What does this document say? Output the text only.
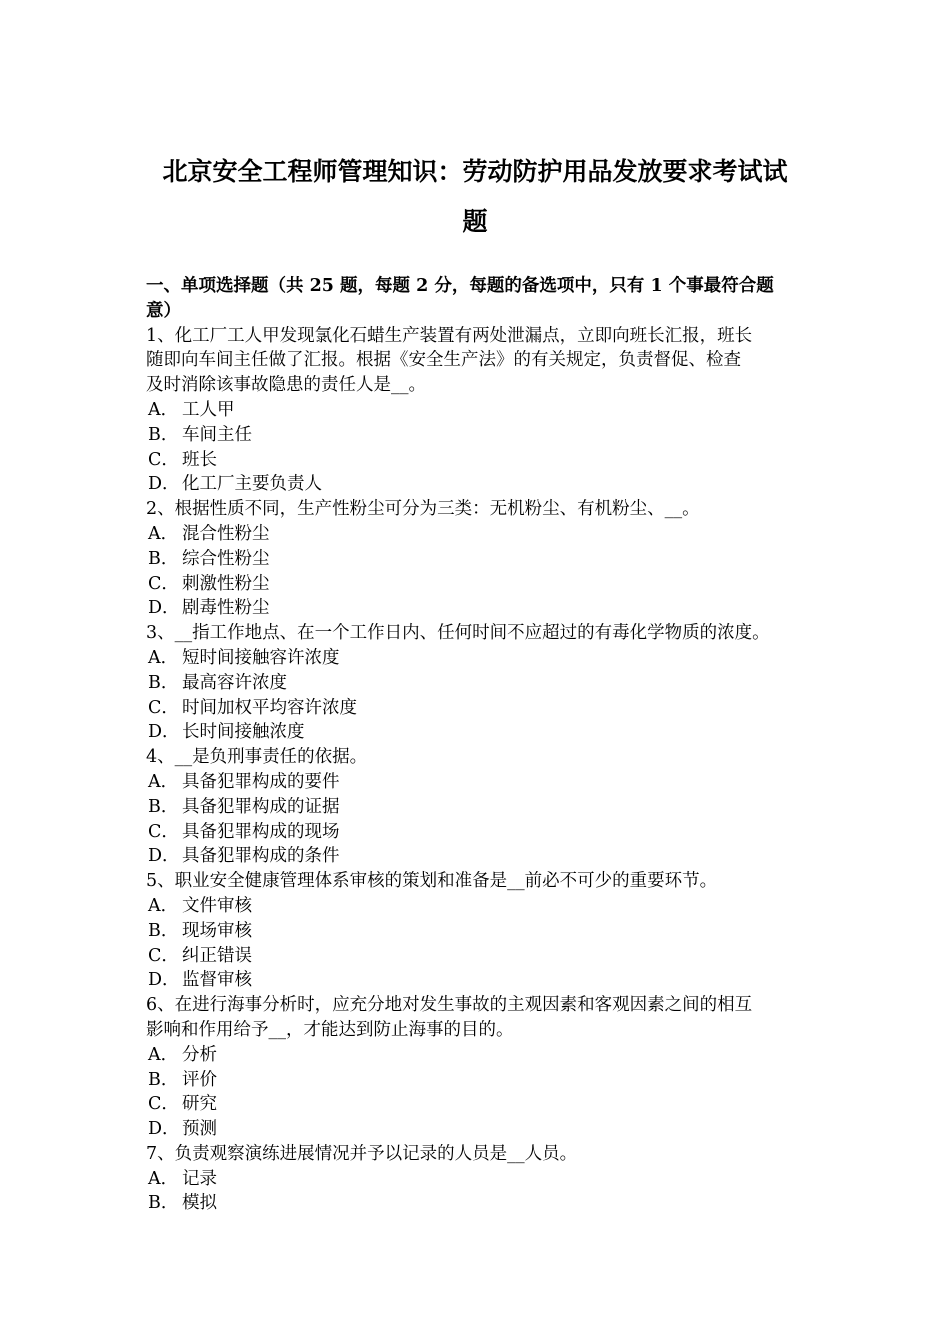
北京安全工程师管理知识：劳动防护用品发放要求考试试
题
一、单项选择题（共 25 题，每题 2 分，每题的备选项中，只有 1 个事最符合题
意）
1、化工厂工人甲发现氯化石蜡生产装置有两处泄漏点，立即向班长汇报，班长
随即向车间主任做了汇报。根据《安全生产法》的有关规定，负责督促、检查
及时消除该事故隐患的责任人是__。
A． 工人甲
B． 车间主任
C． 班长
D． 化工厂主要负责人
2、根据性质不同，生产性粉尘可分为三类：无机粉尘、有机粉尘、__。
A． 混合性粉尘
B． 综合性粉尘
C． 刺激性粉尘
D． 剧毒性粉尘
3、__指工作地点、在一个工作日内、任何时间不应超过的有毒化学物质的浓度。
A． 短时间接触容许浓度
B． 最高容许浓度
C． 时间加权平均容许浓度
D． 长时间接触浓度
4、__是负刑事责任的依据。
A． 具备犯罪构成的要件
B． 具备犯罪构成的证据
C． 具备犯罪构成的现场
D． 具备犯罪构成的条件
5、职业安全健康管理体系审核的策划和准备是__前必不可少的重要环节。
A． 文件审核
B． 现场审核
C． 纠正错误
D． 监督审核
6、在进行海事分析时，应充分地对发生事故的主观因素和客观因素之间的相互
影响和作用给予__，才能达到防止海事的目的。
A． 分析
B． 评价
C． 研究
D． 预测
7、负责观察演练进展情况并予以记录的人员是__人员。
A． 记录
B． 模拟
